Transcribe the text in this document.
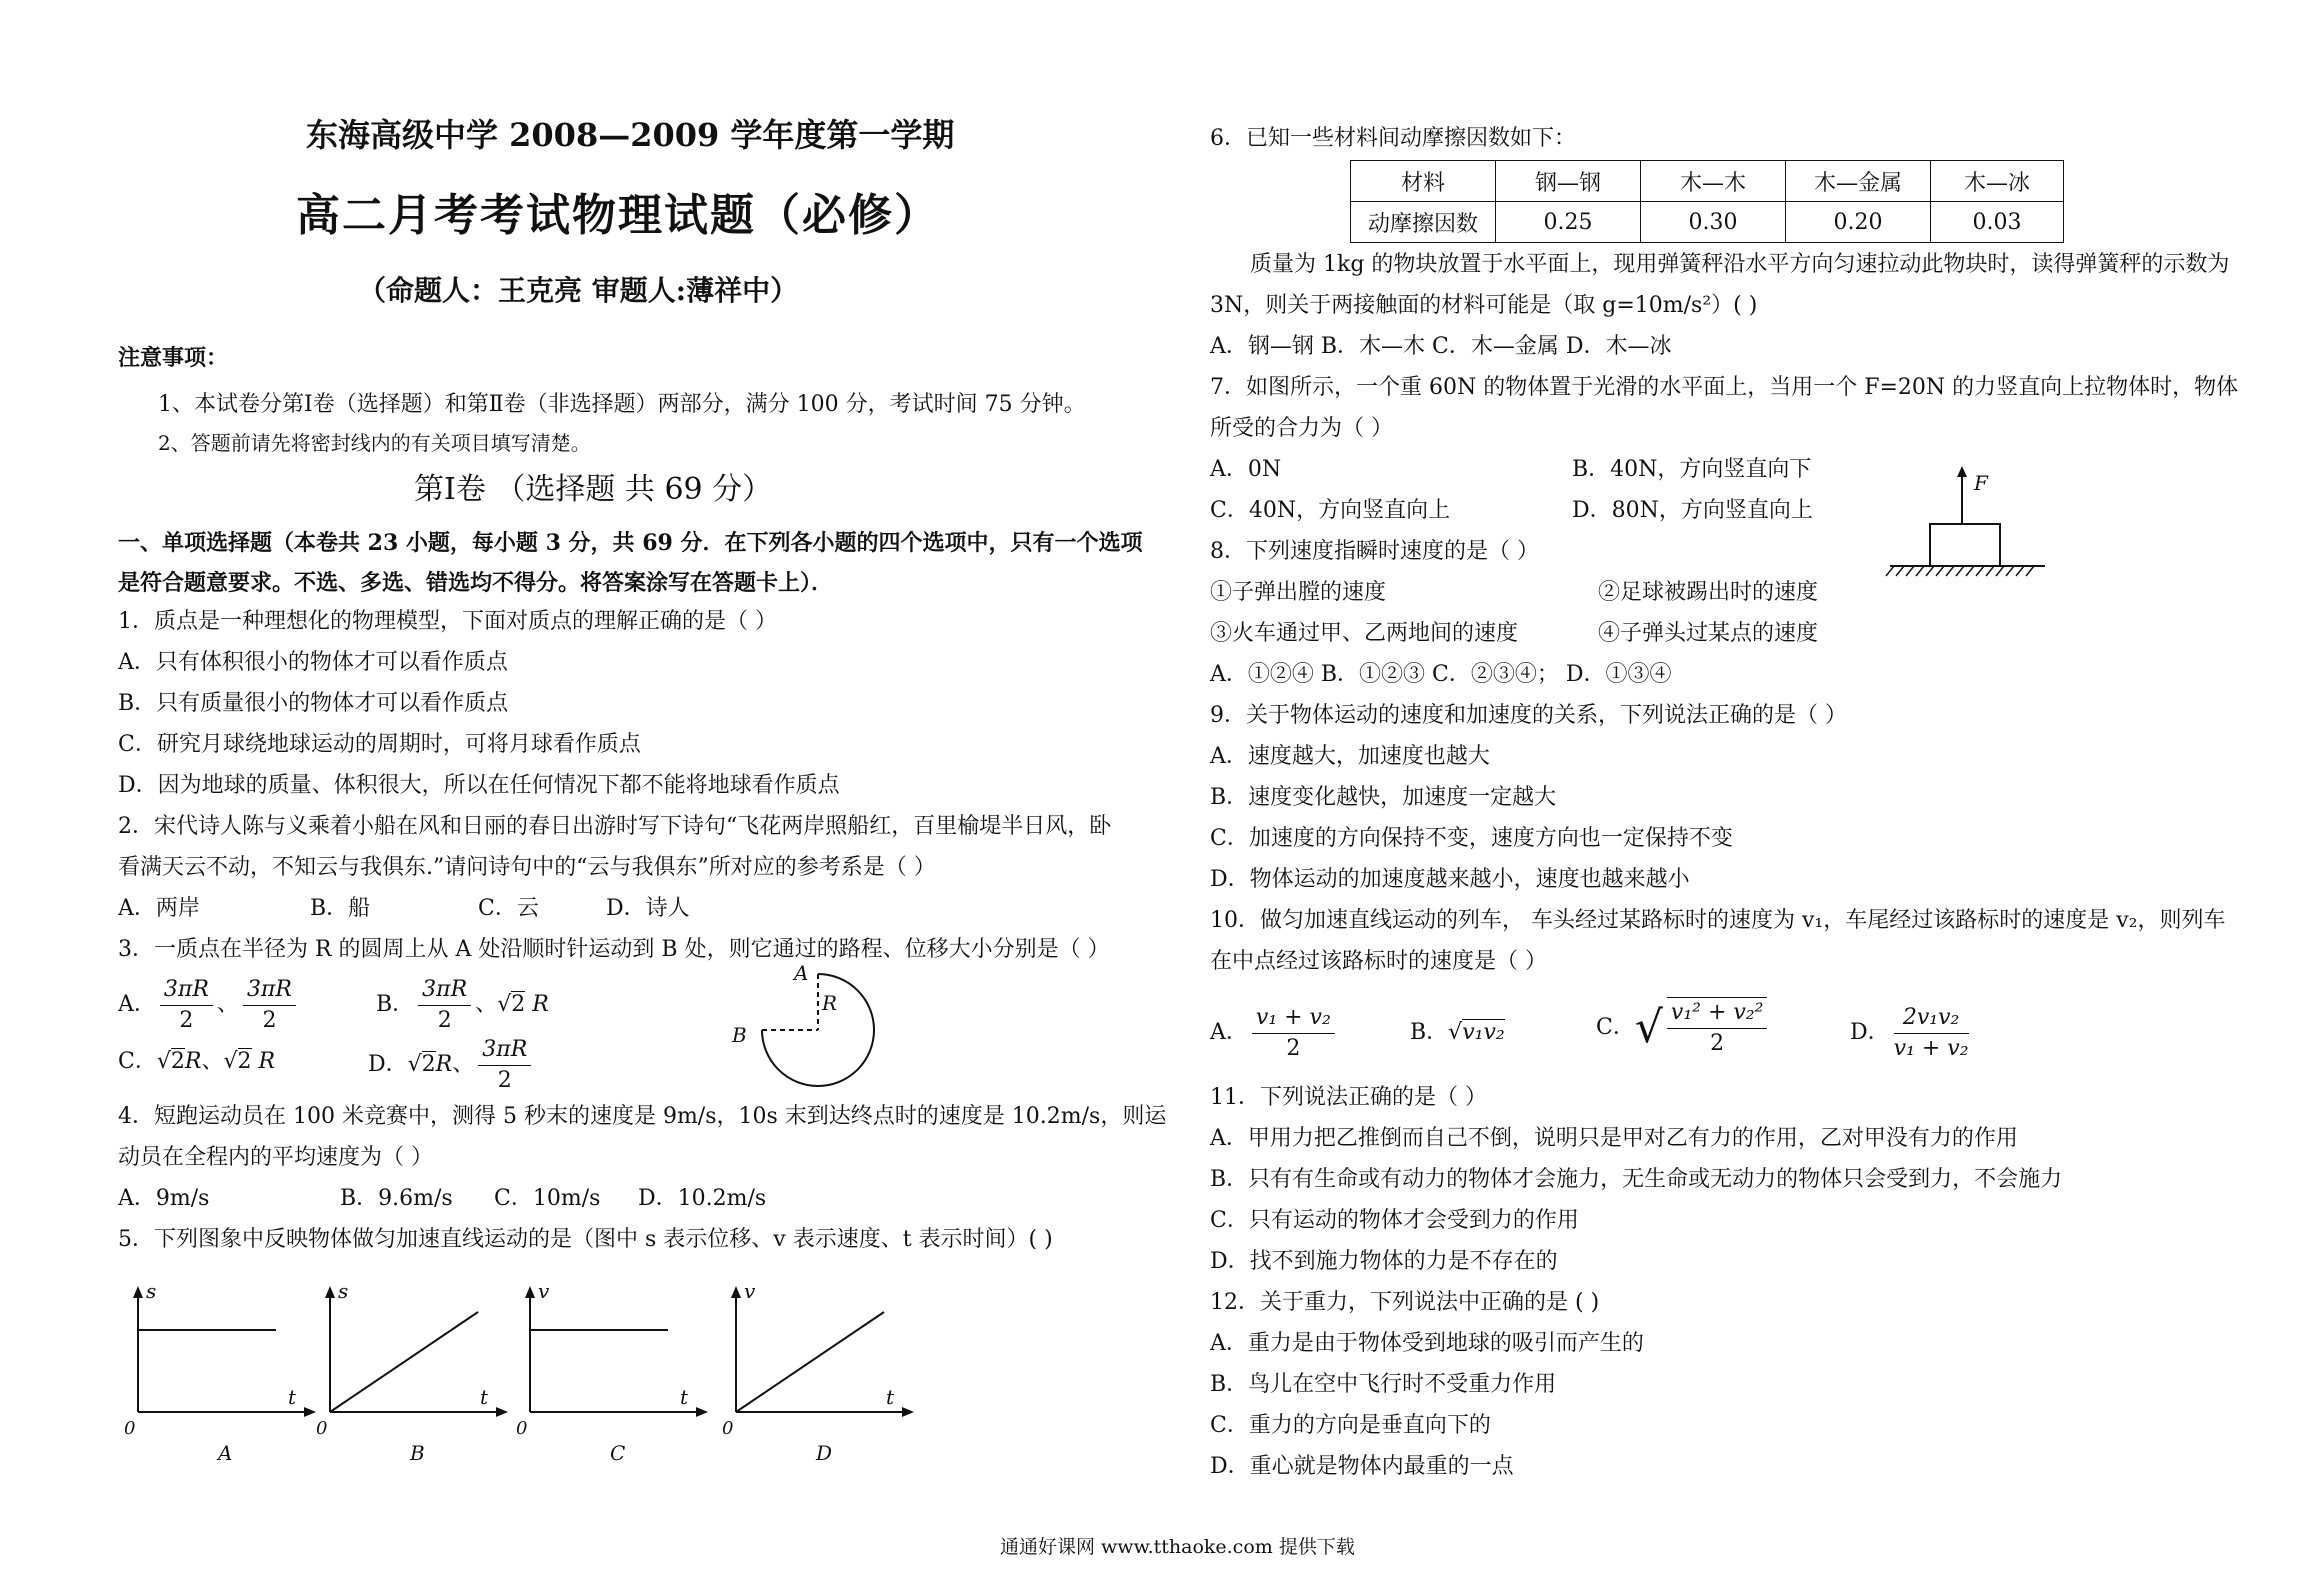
东海高级中学 2008—2009 学年度第一学期
高二月考考试物理试题（必修）
（命题人：王克亮 审题人:薄祥中）
注意事项：
1、本试卷分第Ⅰ卷（选择题）和第Ⅱ卷（非选择题）两部分，满分 100 分，考试时间 75 分钟。
2、答题前请先将密封线内的有关项目填写清楚。
第Ⅰ卷 （选择题 共 69 分）
一、单项选择题（本卷共 23 小题，每小题 3 分，共 69 分．在下列各小题的四个选项中，只有一个选项
是符合题意要求。不选、多选、错选均不得分。将答案涂写在答题卡上）．
1．质点是一种理想化的物理模型，下面对质点的理解正确的是（ ）
A．只有体积很小的物体才可以看作质点
B．只有质量很小的物体才可以看作质点
C．研究月球绕地球运动的周期时，可将月球看作质点
D．因为地球的质量、体积很大，所以在任何情况下都不能将地球看作质点
2．宋代诗人陈与义乘着小船在风和日丽的春日出游时写下诗句“飞花两岸照船红，百里榆堤半日风，卧
看满天云不动，不知云与我俱东.”请问诗句中的“云与我俱东”所对应的参考系是（ ）
A．两岸	B．船	C．云	D．诗人
3．一质点在半径为 R 的圆周上从 A 处沿顺时针运动到 B 处，则它通过的路程、位移大小分别是（ ）
A． $\frac{3\pi R}{2}$ 、 $\frac{3\pi R}{2}$	B． $\frac{3\pi R}{2}$ 、√2 R
C．√2R、√2 R	D．√2R、 $\frac{3\pi R}{2}$
A
R
B
4．短跑运动员在 100 米竞赛中，测得 5 秒末的速度是 9m/s，10s 末到达终点时的速度是 10.2m/s，则运
动员在全程内的平均速度为（ ）
A．9m/s	B．9.6m/s C．10m/s D．10.2m/s
5．下列图象中反映物体做匀加速直线运动的是（图中 s 表示位移、v 表示速度、t 表示时间）( )
s
t
0
A
s
t
0
B
v
t
0
C
v
t
0
D
6．已知一些材料间动摩擦因数如下：
材料	钢—钢	木—木	木—金属	木—冰
动摩擦因数	0.25	0.30	0.20	0.03
质量为 1kg 的物块放置于水平面上，现用弹簧秤沿水平方向匀速拉动此物块时，读得弹簧秤的示数为
3N，则关于两接触面的材料可能是（取 g=10m/s²）( )
A．钢—钢 B．木—木 C．木—金属 D．木—冰
7．如图所示，一个重 60N 的物体置于光滑的水平面上，当用一个 F=20N 的力竖直向上拉物体时，物体
所受的合力为（ ）
A．0N	B．40N，方向竖直向下
C．40N，方向竖直向上	D．80N，方向竖直向上
F
8．下列速度指瞬时速度的是（ ）
①子弹出膛的速度	②足球被踢出时的速度
③火车通过甲、乙两地间的速度	④子弹头过某点的速度
A．①②④ B．①②③ C．②③④； D．①③④
9．关于物体运动的速度和加速度的关系，下列说法正确的是（ ）
A．速度越大，加速度也越大
B．速度变化越快，加速度一定越大
C．加速度的方向保持不变，速度方向也一定保持不变
D．物体运动的加速度越来越小，速度也越来越小
10．做匀加速直线运动的列车， 车头经过某路标时的速度为 v₁，车尾经过该路标时的速度是 v₂，则列车
在中点经过该路标时的速度是（ ）
A． $\frac{\text{v₁ + v₂}}{2}$	B．√v₁v₂	C．√ $\frac{\text{v₁² + v₂²}}{2}$	D． $\frac{\text{2v₁v₂}}{\text{v₁ + v₂}}$
11．下列说法正确的是（ ）
A．甲用力把乙推倒而自己不倒，说明只是甲对乙有力的作用，乙对甲没有力的作用
B．只有有生命或有动力的物体才会施力，无生命或无动力的物体只会受到力，不会施力
C．只有运动的物体才会受到力的作用
D．找不到施力物体的力是不存在的
12．关于重力，下列说法中正确的是 ( )
A．重力是由于物体受到地球的吸引而产生的
B．鸟儿在空中飞行时不受重力作用
C．重力的方向是垂直向下的
D．重心就是物体内最重的一点
通通好课网 www.tthaoke.com 提供下载
